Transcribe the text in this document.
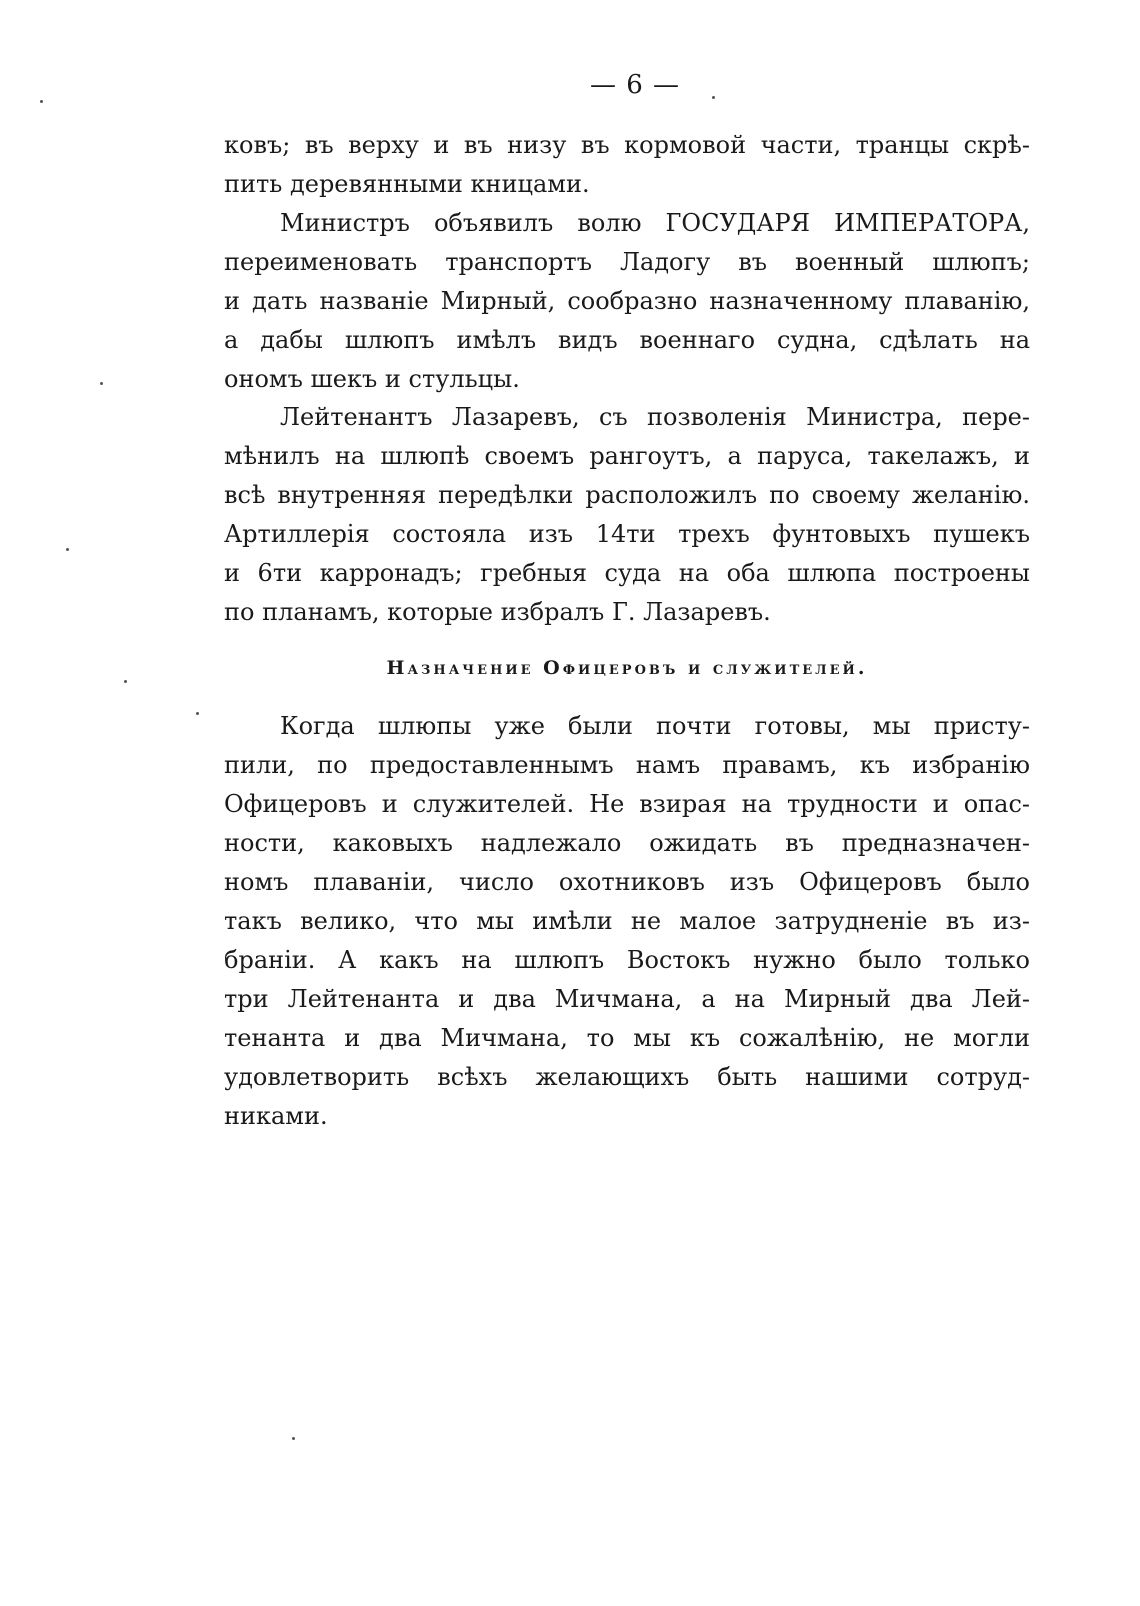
— 6 —
ковъ; въ верху и въ низу въ кормовой части, транцы скрѣ-
пить деревянными кницами.
Министръ объявилъ волю ГОСУДАРЯ ИМПЕРАТОРА,
переименовать транспортъ Ладогу въ военный шлюпъ;
и дать названіе Мирный, сообразно назначенному плаванію,
а дабы шлюпъ имѣлъ видъ военнаго судна, сдѣлать на
ономъ шекъ и стульцы.
Лейтенантъ Лазаревъ, съ позволенія Министра, пере-
мѣнилъ на шлюпѣ своемъ рангоутъ, а паруса, такелажъ, и
всѣ внутренняя передѣлки расположилъ по своему желанію.
Артиллерія состояла изъ 14ти трехъ фунтовыхъ пушекъ
и 6ти карронадъ; гребныя суда на оба шлюпа построены
по планамъ, которые избралъ Г. Лазаревъ.
Назначение Офицеровъ и служителей.
Когда шлюпы уже были почти готовы, мы присту-
пили, по предоставленнымъ намъ правамъ, къ избранію
Офицеровъ и служителей. Не взирая на трудности и опас-
ности, каковыхъ надлежало ожидать въ предназначен-
номъ плаваніи, число охотниковъ изъ Офицеровъ было
такъ велико, что мы имѣли не малое затрудненіе въ из-
браніи. А какъ на шлюпъ Востокъ нужно было только
три Лейтенанта и два Мичмана, а на Мирный два Лей-
тенанта и два Мичмана, то мы къ сожалѣнію, не могли
удовлетворить всѣхъ желающихъ быть нашими сотруд-
никами.
